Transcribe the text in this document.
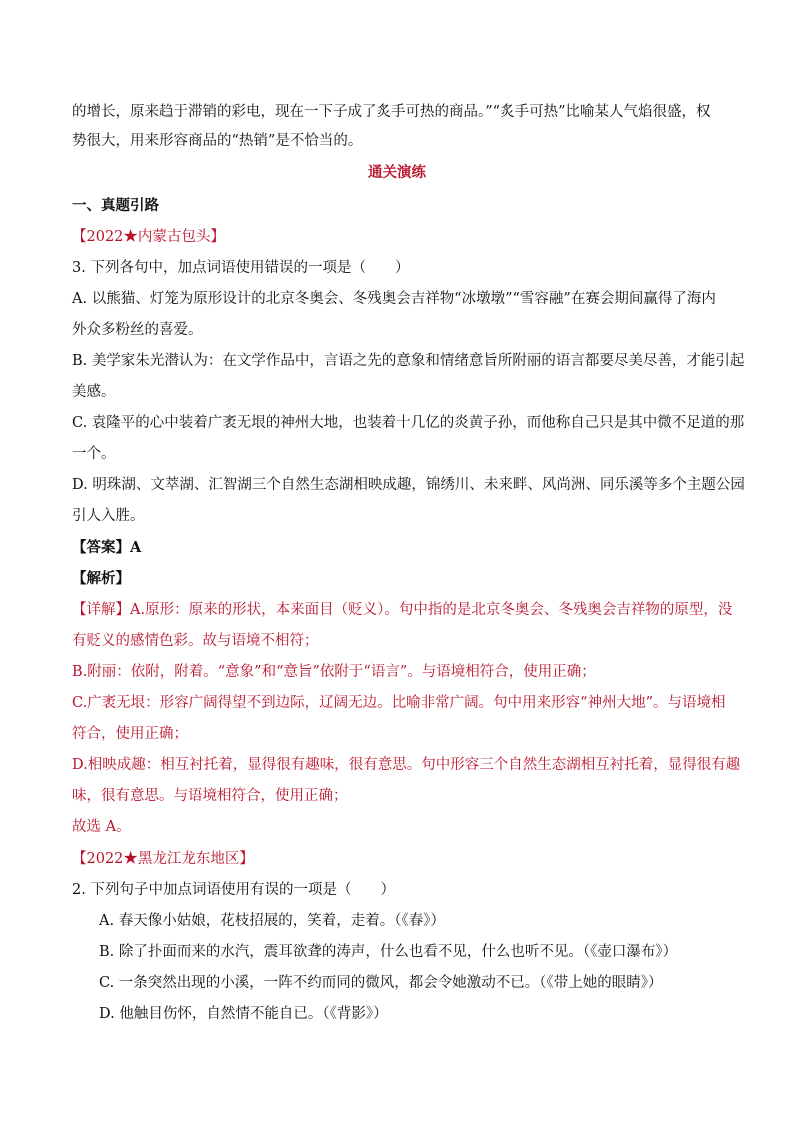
的增长，原来趋于滞销的彩电，现在一下子成了炙手可热的商品。”“炙手可热”比喻某人气焰很盛，权
势很大，用来形容商品的“热销”是不恰当的。
通关演练
一、真题引路
【2022★内蒙古包头】
3. 下列各句中，加点词语使用错误的一项是（　　）
A. 以熊猫、灯笼为原形设计的北京冬奥会、冬残奥会吉祥物“冰墩墩”“雪容融”在赛会期间赢得了海内
外众多粉丝的喜爱。
B. 美学家朱光潜认为：在文学作品中，言语之先的意象和情绪意旨所附丽的语言都要尽美尽善，才能引起
美感。
C. 袁隆平的心中装着广袤无垠的神州大地，也装着十几亿的炎黄子孙，而他称自己只是其中微不足道的那
一个。
D. 明珠湖、文萃湖、汇智湖三个自然生态湖相映成趣，锦绣川、未来畔、风尚洲、同乐溪等多个主题公园
引人入胜。
【答案】A
【解析】
【详解】A.原形：原来的形状，本来面目（贬义）。句中指的是北京冬奥会、冬残奥会吉祥物的原型，没
有贬义的感情色彩。故与语境不相符；
B.附丽：依附，附着。“意象”和“意旨”依附于“语言”。与语境相符合，使用正确；
C.广袤无垠：形容广阔得望不到边际，辽阔无边。比喻非常广阔。句中用来形容“神州大地”。与语境相
符合，使用正确；
D.相映成趣：相互衬托着，显得很有趣味，很有意思。句中形容三个自然生态湖相互衬托着，显得很有趣
味，很有意思。与语境相符合，使用正确；
故选 A。
【2022★黑龙江龙东地区】
2. 下列句子中加点词语使用有误的一项是（　　）
A. 春天像小姑娘，花枝招展的，笑着，走着。（《春》）
B. 除了扑面而来的水汽，震耳欲聋的涛声，什么也看不见，什么也听不见。（《壶口瀑布》）
C. 一条突然出现的小溪，一阵不约而同的微风，都会令她激动不已。（《带上她的眼睛》）
D. 他触目伤怀，自然情不能自已。（《背影》）
